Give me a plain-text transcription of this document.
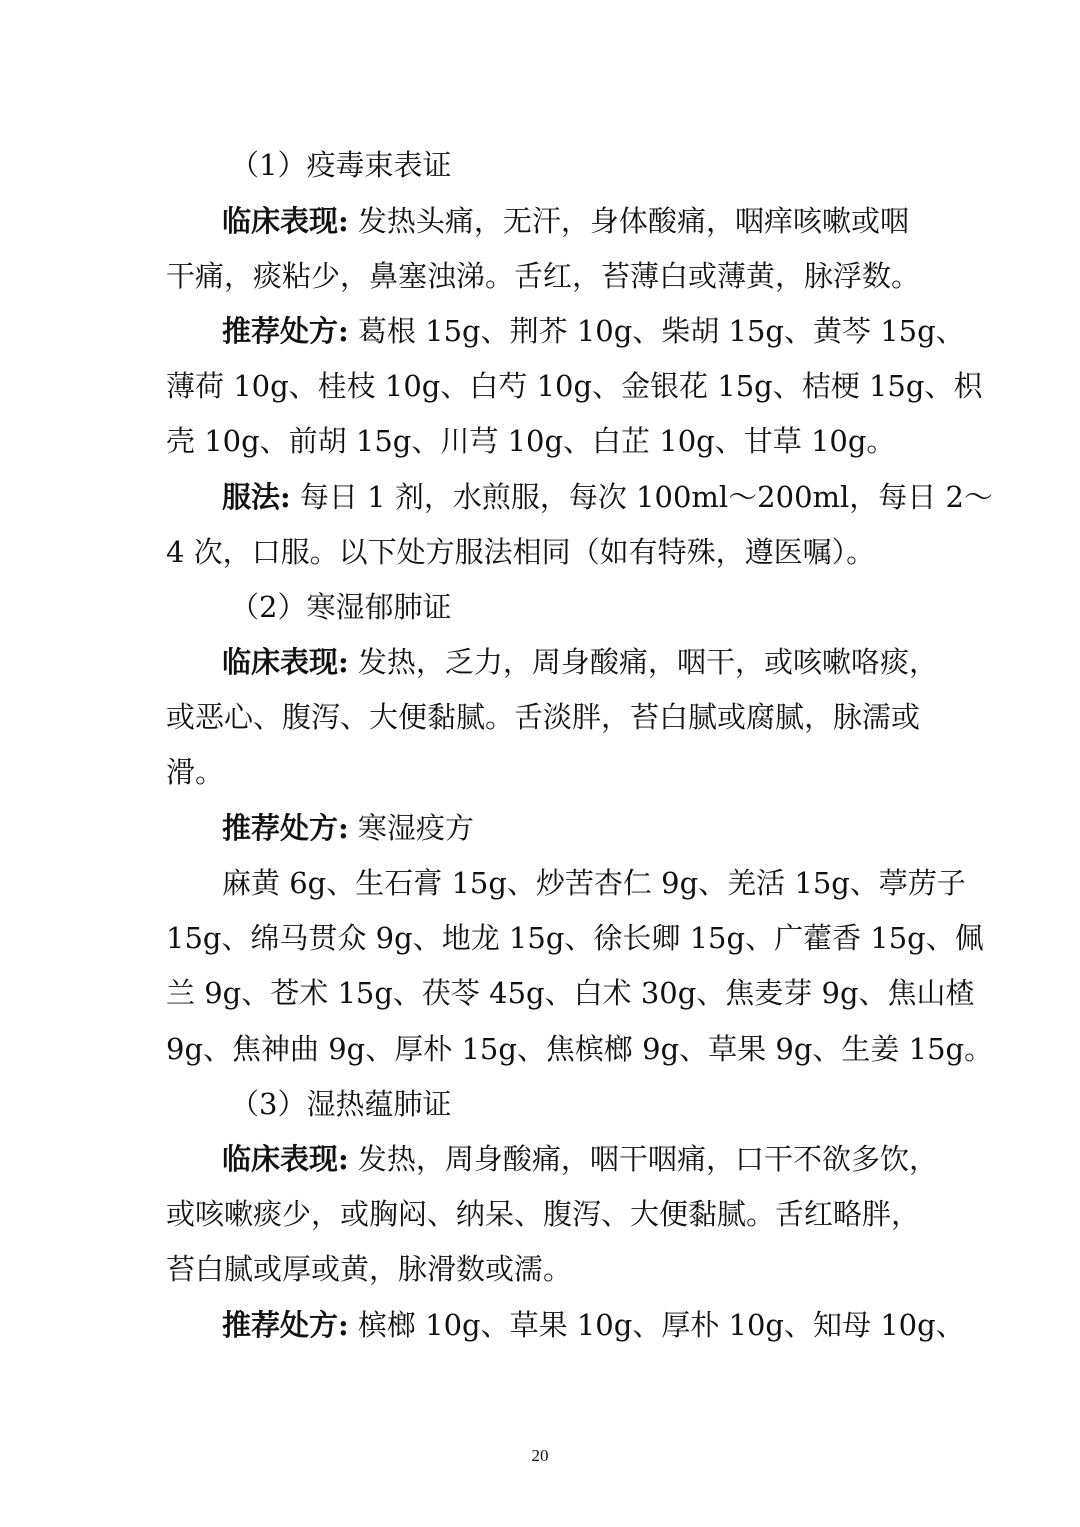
（1）疫毒束表证
临床表现: 发热头痛，无汗，身体酸痛，咽痒咳嗽或咽
干痛，痰粘少，鼻塞浊涕。舌红，苔薄白或薄黄，脉浮数。
推荐处方: 葛根 15g、荆芥 10g、柴胡 15g、黄芩 15g、
薄荷 10g、桂枝 10g、白芍 10g、金银花 15g、桔梗 15g、枳
壳 10g、前胡 15g、川芎 10g、白芷 10g、甘草 10g。
服法: 每日 1 剂，水煎服，每次 100ml～200ml，每日 2～
4 次，口服。以下处方服法相同（如有特殊，遵医嘱）。
（2）寒湿郁肺证
临床表现: 发热，乏力，周身酸痛，咽干，或咳嗽咯痰，
或恶心、腹泻、大便黏腻。舌淡胖，苔白腻或腐腻，脉濡或
滑。
推荐处方: 寒湿疫方
麻黄 6g、生石膏 15g、炒苦杏仁 9g、羌活 15g、葶苈子
15g、绵马贯众 9g、地龙 15g、徐长卿 15g、广藿香 15g、佩
兰 9g、苍术 15g、茯苓 45g、白术 30g、焦麦芽 9g、焦山楂
9g、焦神曲 9g、厚朴 15g、焦槟榔 9g、草果 9g、生姜 15g。
（3）湿热蕴肺证
临床表现: 发热，周身酸痛，咽干咽痛，口干不欲多饮，
或咳嗽痰少，或胸闷、纳呆、腹泻、大便黏腻。舌红略胖，
苔白腻或厚或黄，脉滑数或濡。
推荐处方: 槟榔 10g、草果 10g、厚朴 10g、知母 10g、
20
